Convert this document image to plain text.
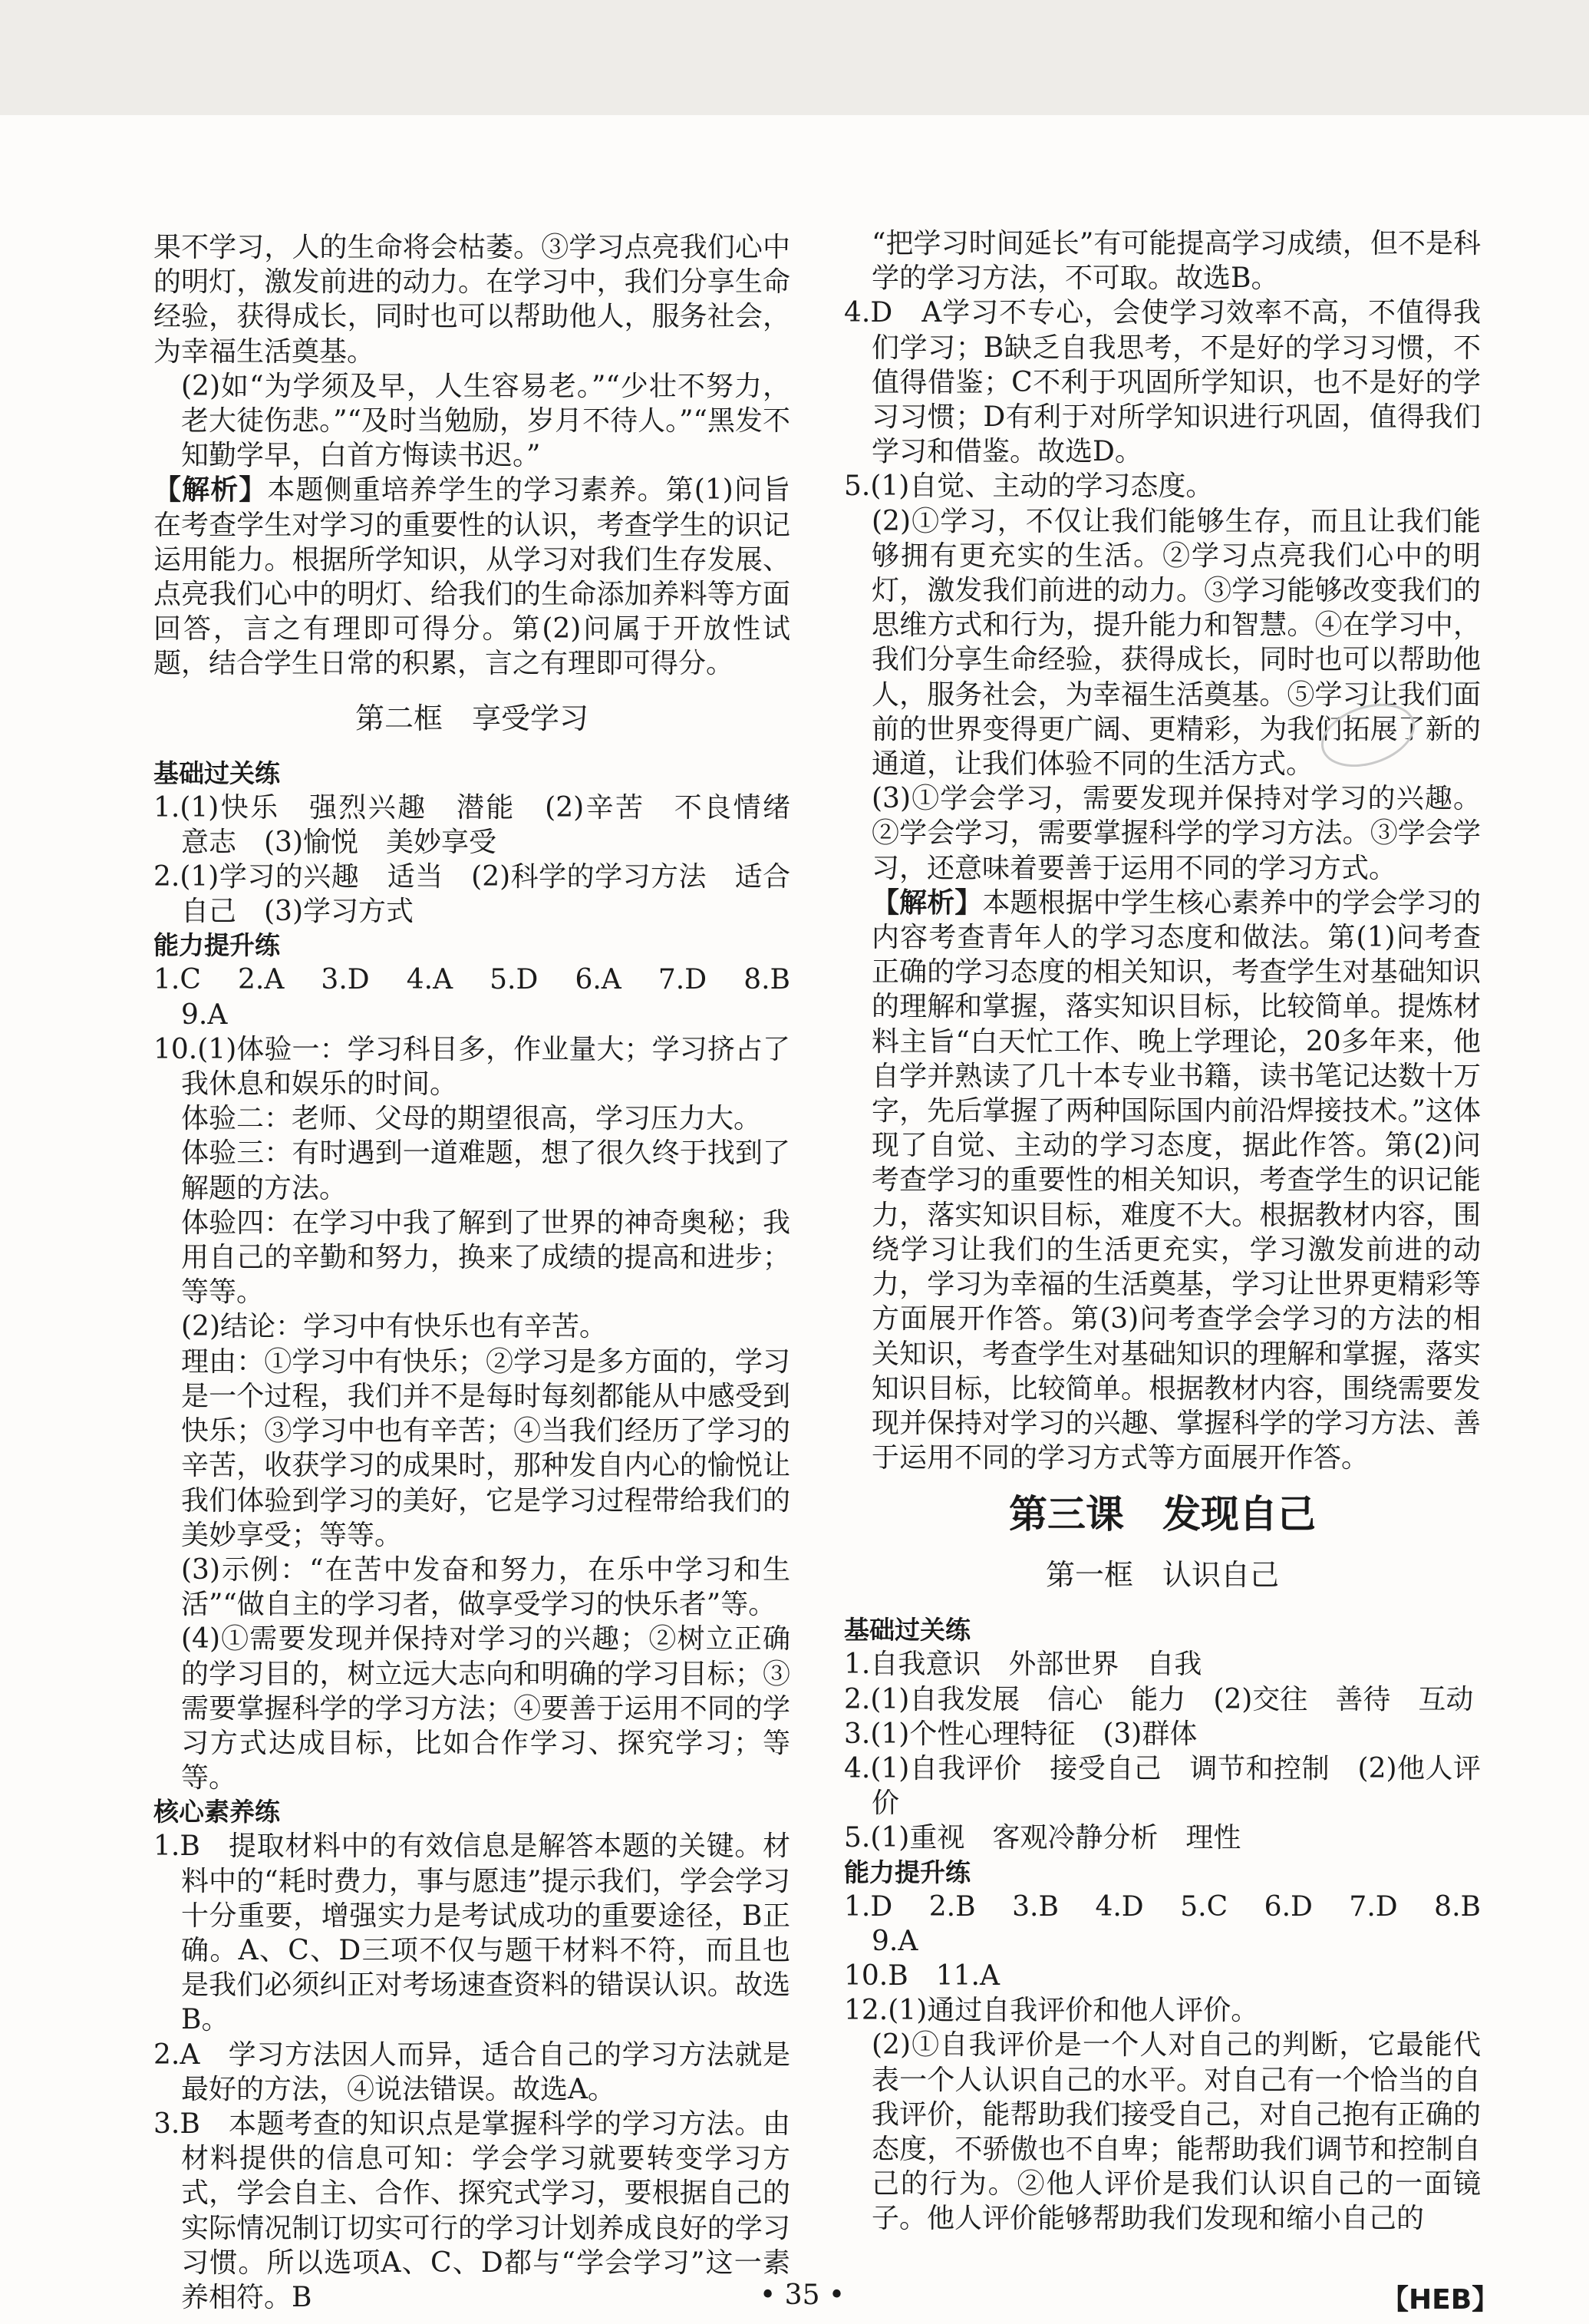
果不学习，人的生命将会枯萎。③学习点亮我们心中的明灯，激发前进的动力。在学习中，我们分享生命经验，获得成长，同时也可以帮助他人，服务社会，为幸福生活奠基。

(2)如“为学须及早，人生容易老。”“少壮不努力，老大徒伤悲。”“及时当勉励，岁月不待人。”“黑发不知勤学早，白首方悔读书迟。”

【解析】本题侧重培养学生的学习素养。第(1)问旨在考查学生对学习的重要性的认识，考查学生的识记运用能力。根据所学知识，从学习对我们生存发展、点亮我们心中的明灯、给我们的生命添加养料等方面回答，言之有理即可得分。第(2)问属于开放性试题，结合学生日常的积累，言之有理即可得分。

第二框　享受学习

基础过关练

1.(1)快乐　强烈兴趣　潜能　(2)辛苦　不良情绪　意志　(3)愉悦　美妙享受

2.(1)学习的兴趣　适当　(2)科学的学习方法　适合自己　(3)学习方式

能力提升练

1.C　2.A　3.D　4.A　5.D　6.A　7.D　8.B　9.A

10.(1)体验一：学习科目多，作业量大；学习挤占了我休息和娱乐的时间。

体验二：老师、父母的期望很高，学习压力大。

体验三：有时遇到一道难题，想了很久终于找到了解题的方法。

体验四：在学习中我了解到了世界的神奇奥秘；我用自己的辛勤和努力，换来了成绩的提高和进步；等等。

(2)结论：学习中有快乐也有辛苦。

理由：①学习中有快乐；②学习是多方面的，学习是一个过程，我们并不是每时每刻都能从中感受到快乐；③学习中也有辛苦；④当我们经历了学习的辛苦，收获学习的成果时，那种发自内心的愉悦让我们体验到学习的美好，它是学习过程带给我们的美妙享受；等等。

(3)示例：“在苦中发奋和努力，在乐中学习和生活”“做自主的学习者，做享受学习的快乐者”等。

(4)①需要发现并保持对学习的兴趣；②树立正确的学习目的，树立远大志向和明确的学习目标；③需要掌握科学的学习方法；④要善于运用不同的学习方式达成目标，比如合作学习、探究学习；等等。

核心素养练

1.B　提取材料中的有效信息是解答本题的关键。材料中的“耗时费力，事与愿违”提示我们，学会学习十分重要，增强实力是考试成功的重要途径，B正确。A、C、D三项不仅与题干材料不符，而且也是我们必须纠正对考场速查资料的错误认识。故选B。

2.A　学习方法因人而异，适合自己的学习方法就是最好的方法，④说法错误。故选A。

3.B　本题考查的知识点是掌握科学的学习方法。由材料提供的信息可知：学会学习就要转变学习方式，学会自主、合作、探究式学习，要根据自己的实际情况制订切实可行的学习计划养成良好的学习习惯。所以选项A、C、D都与“学会学习”这一素养相符。B

“把学习时间延长”有可能提高学习成绩，但不是科学的学习方法，不可取。故选B。

4.D　A学习不专心，会使学习效率不高，不值得我们学习；B缺乏自我思考，不是好的学习习惯，不值得借鉴；C不利于巩固所学知识，也不是好的学习习惯；D有利于对所学知识进行巩固，值得我们学习和借鉴。故选D。

5.(1)自觉、主动的学习态度。

(2)①学习，不仅让我们能够生存，而且让我们能够拥有更充实的生活。②学习点亮我们心中的明灯，激发我们前进的动力。③学习能够改变我们的思维方式和行为，提升能力和智慧。④在学习中，我们分享生命经验，获得成长，同时也可以帮助他人，服务社会，为幸福生活奠基。⑤学习让我们面前的世界变得更广阔、更精彩，为我们拓展了新的通道，让我们体验不同的生活方式。

(3)①学会学习，需要发现并保持对学习的兴趣。②学会学习，需要掌握科学的学习方法。③学会学习，还意味着要善于运用不同的学习方式。

【解析】本题根据中学生核心素养中的学会学习的内容考查青年人的学习态度和做法。第(1)问考查正确的学习态度的相关知识，考查学生对基础知识的理解和掌握，落实知识目标，比较简单。提炼材料主旨“白天忙工作、晚上学理论，20多年来，他自学并熟读了几十本专业书籍，读书笔记达数十万字，先后掌握了两种国际国内前沿焊接技术。”这体现了自觉、主动的学习态度，据此作答。第(2)问考查学习的重要性的相关知识，考查学生的识记能力，落实知识目标，难度不大。根据教材内容，围绕学习让我们的生活更充实，学习激发前进的动力，学习为幸福的生活奠基，学习让世界更精彩等方面展开作答。第(3)问考查学会学习的方法的相关知识，考查学生对基础知识的理解和掌握，落实知识目标，比较简单。根据教材内容，围绕需要发现并保持对学习的兴趣、掌握科学的学习方法、善于运用不同的学习方式等方面展开作答。

第三课　发现自己

第一框　认识自己

基础过关练

1.自我意识　外部世界　自我

2.(1)自我发展　信心　能力　(2)交往　善待　互动

3.(1)个性心理特征　(3)群体

4.(1)自我评价　接受自己　调节和控制　(2)他人评价

5.(1)重视　客观冷静分析　理性

能力提升练

1.D　2.B　3.B　4.D　5.C　6.D　7.D　8.B　9.A

10.B　11.A

12.(1)通过自我评价和他人评价。

(2)①自我评价是一个人对自己的判断，它最能代表一个人认识自己的水平。对自己有一个恰当的自我评价，能帮助我们接受自己，对自己抱有正确的态度，不骄傲也不自卑；能帮助我们调节和控制自己的行为。②他人评价是我们认识自己的一面镜子。他人评价能够帮助我们发现和缩小自己的

• 35 •	【HEB】
